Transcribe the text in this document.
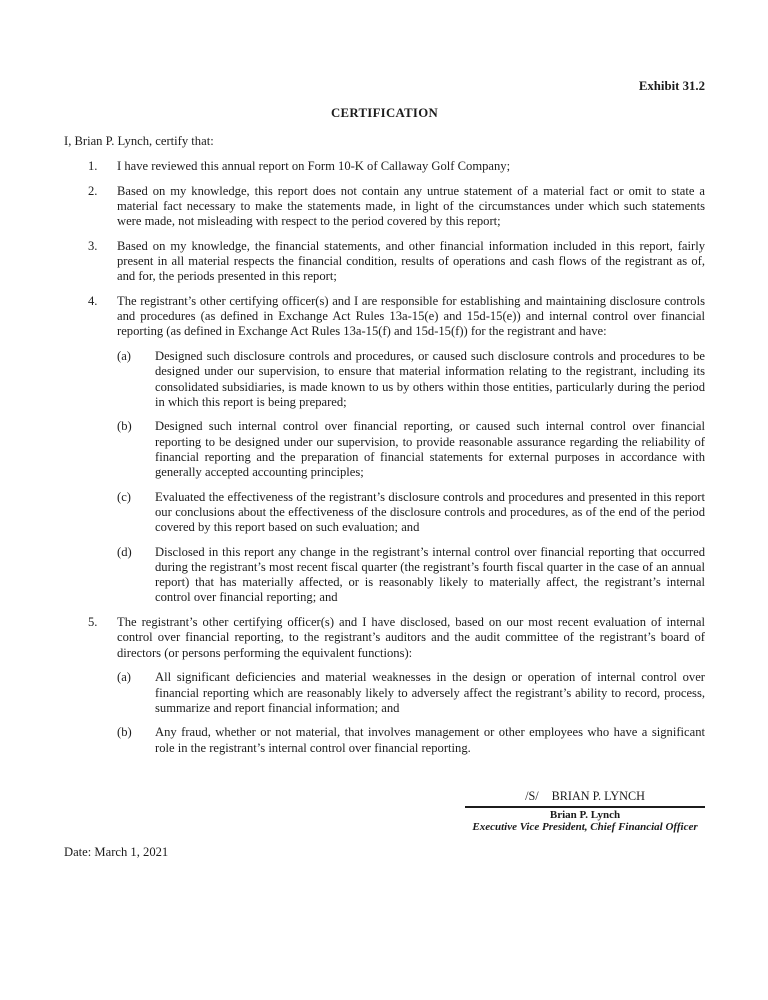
Exhibit 31.2
CERTIFICATION
I, Brian P. Lynch, certify that:
1.	I have reviewed this annual report on Form 10-K of Callaway Golf Company;
2.	Based on my knowledge, this report does not contain any untrue statement of a material fact or omit to state a material fact necessary to make the statements made, in light of the circumstances under which such statements were made, not misleading with respect to the period covered by this report;
3.	Based on my knowledge, the financial statements, and other financial information included in this report, fairly present in all material respects the financial condition, results of operations and cash flows of the registrant as of, and for, the periods presented in this report;
4.	The registrant’s other certifying officer(s) and I are responsible for establishing and maintaining disclosure controls and procedures (as defined in Exchange Act Rules 13a-15(e) and 15d-15(e)) and internal control over financial reporting (as defined in Exchange Act Rules 13a-15(f) and 15d-15(f)) for the registrant and have:
(a)	Designed such disclosure controls and procedures, or caused such disclosure controls and procedures to be designed under our supervision, to ensure that material information relating to the registrant, including its consolidated subsidiaries, is made known to us by others within those entities, particularly during the period in which this report is being prepared;
(b)	Designed such internal control over financial reporting, or caused such internal control over financial reporting to be designed under our supervision, to provide reasonable assurance regarding the reliability of financial reporting and the preparation of financial statements for external purposes in accordance with generally accepted accounting principles;
(c)	Evaluated the effectiveness of the registrant’s disclosure controls and procedures and presented in this report our conclusions about the effectiveness of the disclosure controls and procedures, as of the end of the period covered by this report based on such evaluation; and
(d)	Disclosed in this report any change in the registrant’s internal control over financial reporting that occurred during the registrant’s most recent fiscal quarter (the registrant’s fourth fiscal quarter in the case of an annual report) that has materially affected, or is reasonably likely to materially affect, the registrant’s internal control over financial reporting; and
5.	The registrant’s other certifying officer(s) and I have disclosed, based on our most recent evaluation of internal control over financial reporting, to the registrant’s auditors and the audit committee of the registrant’s board of directors (or persons performing the equivalent functions):
(a)	All significant deficiencies and material weaknesses in the design or operation of internal control over financial reporting which are reasonably likely to adversely affect the registrant’s ability to record, process, summarize and report financial information; and
(b)	Any fraud, whether or not material, that involves management or other employees who have a significant role in the registrant’s internal control over financial reporting.
/S/ BRIAN P. LYNCH
Brian P. Lynch
Executive Vice President, Chief Financial Officer
Date: March 1, 2021
